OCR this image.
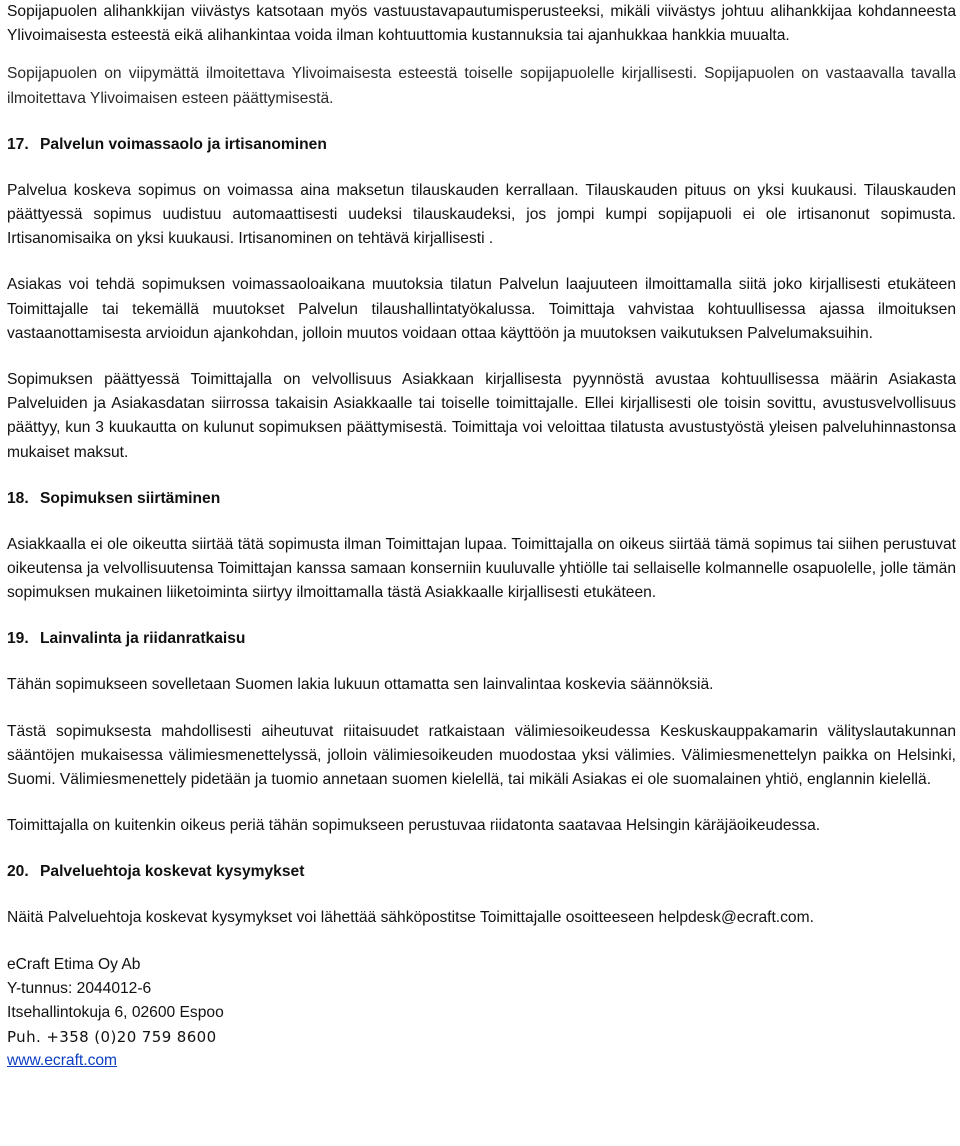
Sopijapuolen alihankkijan viivästys katsotaan myös vastuustavapautumisperusteeksi, mikäli viivästys johtuu alihankkijaa kohdanneesta Ylivoimaisesta esteestä eikä alihankintaa voida ilman kohtuuttomia kustannuksia tai ajanhukkaa hankkia muualta.

Sopijapuolen on viipymättä ilmoitettava Ylivoimaisesta esteestä toiselle sopijapuolelle kirjallisesti. Sopijapuolen on vastaavalla tavalla ilmoitettava Ylivoimaisen esteen päättymisestä.

17. Palvelun voimassaolo ja irtisanominen

Palvelua koskeva sopimus on voimassa aina maksetun tilauskauden kerrallaan. Tilauskauden pituus on yksi kuukausi. Tilauskauden päättyessä sopimus uudistuu automaattisesti uudeksi tilauskaudeksi, jos jompi kumpi sopijapuoli ei ole irtisanonut sopimusta. Irtisanomisaika on yksi kuukausi. Irtisanominen on tehtävä kirjallisesti .

Asiakas voi tehdä sopimuksen voimassaoloaikana muutoksia tilatun Palvelun laajuuteen ilmoittamalla siitä joko kirjallisesti etukäteen Toimittajalle tai tekemällä muutokset Palvelun tilaushallintatyökalussa. Toimittaja vahvistaa kohtuullisessa ajassa ilmoituksen vastaanottamisesta arvioidun ajankohdan, jolloin muutos voidaan ottaa käyttöön ja muutoksen vaikutuksen Palvelumaksuihin.

Sopimuksen päättyessä Toimittajalla on velvollisuus Asiakkaan kirjallisesta pyynnöstä avustaa kohtuullisessa määrin Asiakasta Palveluiden ja Asiakasdatan siirrossa takaisin Asiakkaalle tai toiselle toimittajalle. Ellei kirjallisesti ole toisin sovittu, avustusvelvollisuus päättyy, kun 3 kuukautta on kulunut sopimuksen päättymisestä. Toimittaja voi veloittaa tilatusta avustustyöstä yleisen palveluhinnastonsa mukaiset maksut.

18. Sopimuksen siirtäminen

Asiakkaalla ei ole oikeutta siirtää tätä sopimusta ilman Toimittajan lupaa. Toimittajalla on oikeus siirtää tämä sopimus tai siihen perustuvat oikeutensa ja velvollisuutensa Toimittajan kanssa samaan konserniin kuuluvalle yhtiölle tai sellaiselle kolmannelle osapuolelle, jolle tämän sopimuksen mukainen liiketoiminta siirtyy ilmoittamalla tästä Asiakkaalle kirjallisesti etukäteen.

19. Lainvalinta ja riidanratkaisu

Tähän sopimukseen sovelletaan Suomen lakia lukuun ottamatta sen lainvalintaa koskevia säännöksiä.

Tästä sopimuksesta mahdollisesti aiheutuvat riitaisuudet ratkaistaan välimiesoikeudessa Keskuskauppakamarin välityslautakunnan sääntöjen mukaisessa välimiesmenettelyssä, jolloin välimiesoikeuden muodostaa yksi välimies. Välimiesmenettelyn paikka on Helsinki, Suomi. Välimiesmenettely pidetään ja tuomio annetaan suomen kielellä, tai mikäli Asiakas ei ole suomalainen yhtiö, englannin kielellä.

Toimittajalla on kuitenkin oikeus periä tähän sopimukseen perustuvaa riidatonta saatavaa Helsingin käräjäoikeudessa.

20. Palveluehtoja koskevat kysymykset

Näitä Palveluehtoja koskevat kysymykset voi lähettää sähköpostitse Toimittajalle osoitteeseen helpdesk@ecraft.com.

eCraft Etima Oy Ab

Y-tunnus: 2044012-6

Itsehallintokuja 6, 02600 Espoo

Puh. +358 (0)20 759 8600

www.ecraft.com
